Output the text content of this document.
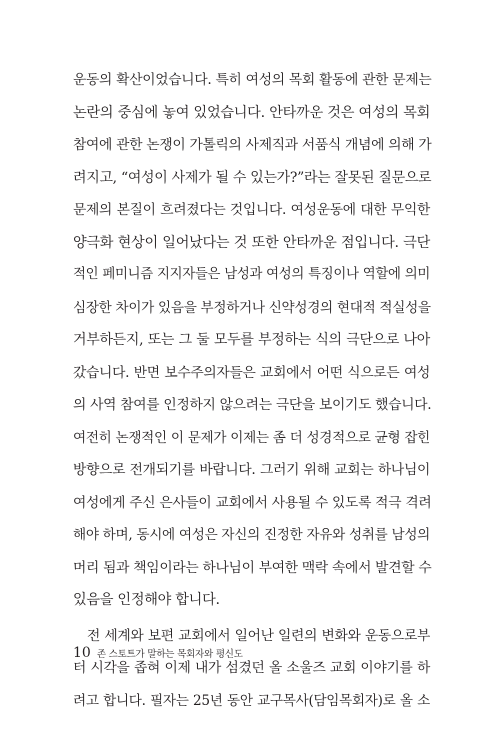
운동의 확산이었습니다. 특히 여성의 목회 활동에 관한 문제는
논란의 중심에 놓여 있었습니다. 안타까운 것은 여성의 목회
참여에 관한 논쟁이 가톨릭의 사제직과 서품식 개념에 의해 가
려지고, “여성이 사제가 될 수 있는가?”라는 잘못된 질문으로
문제의 본질이 흐려졌다는 것입니다. 여성운동에 대한 무익한
양극화 현상이 일어났다는 것 또한 안타까운 점입니다. 극단
적인 페미니즘 지지자들은 남성과 여성의 특징이나 역할에 의미
심장한 차이가 있음을 부정하거나 신약성경의 현대적 적실성을
거부하든지, 또는 그 둘 모두를 부정하는 식의 극단으로 나아
갔습니다. 반면 보수주의자들은 교회에서 어떤 식으로든 여성
의 사역 참여를 인정하지 않으려는 극단을 보이기도 했습니다.
여전히 논쟁적인 이 문제가 이제는 좀 더 성경적으로 균형 잡힌
방향으로 전개되기를 바랍니다. 그러기 위해 교회는 하나님이
여성에게 주신 은사들이 교회에서 사용될 수 있도록 적극 격려
해야 하며, 동시에 여성은 자신의 진정한 자유와 성취를 남성의
머리 됨과 책임이라는 하나님이 부여한 맥락 속에서 발견할 수
있음을 인정해야 합니다.
전 세계와 보편 교회에서 일어난 일련의 변화와 운동으로부
터 시각을 좁혀 이제 내가 섬겼던 올 소울즈 교회 이야기를 하
려고 합니다. 필자는 25년 동안 교구목사(담임목회자)로 올 소
10 존 스토트가 말하는 목회자와 평신도
